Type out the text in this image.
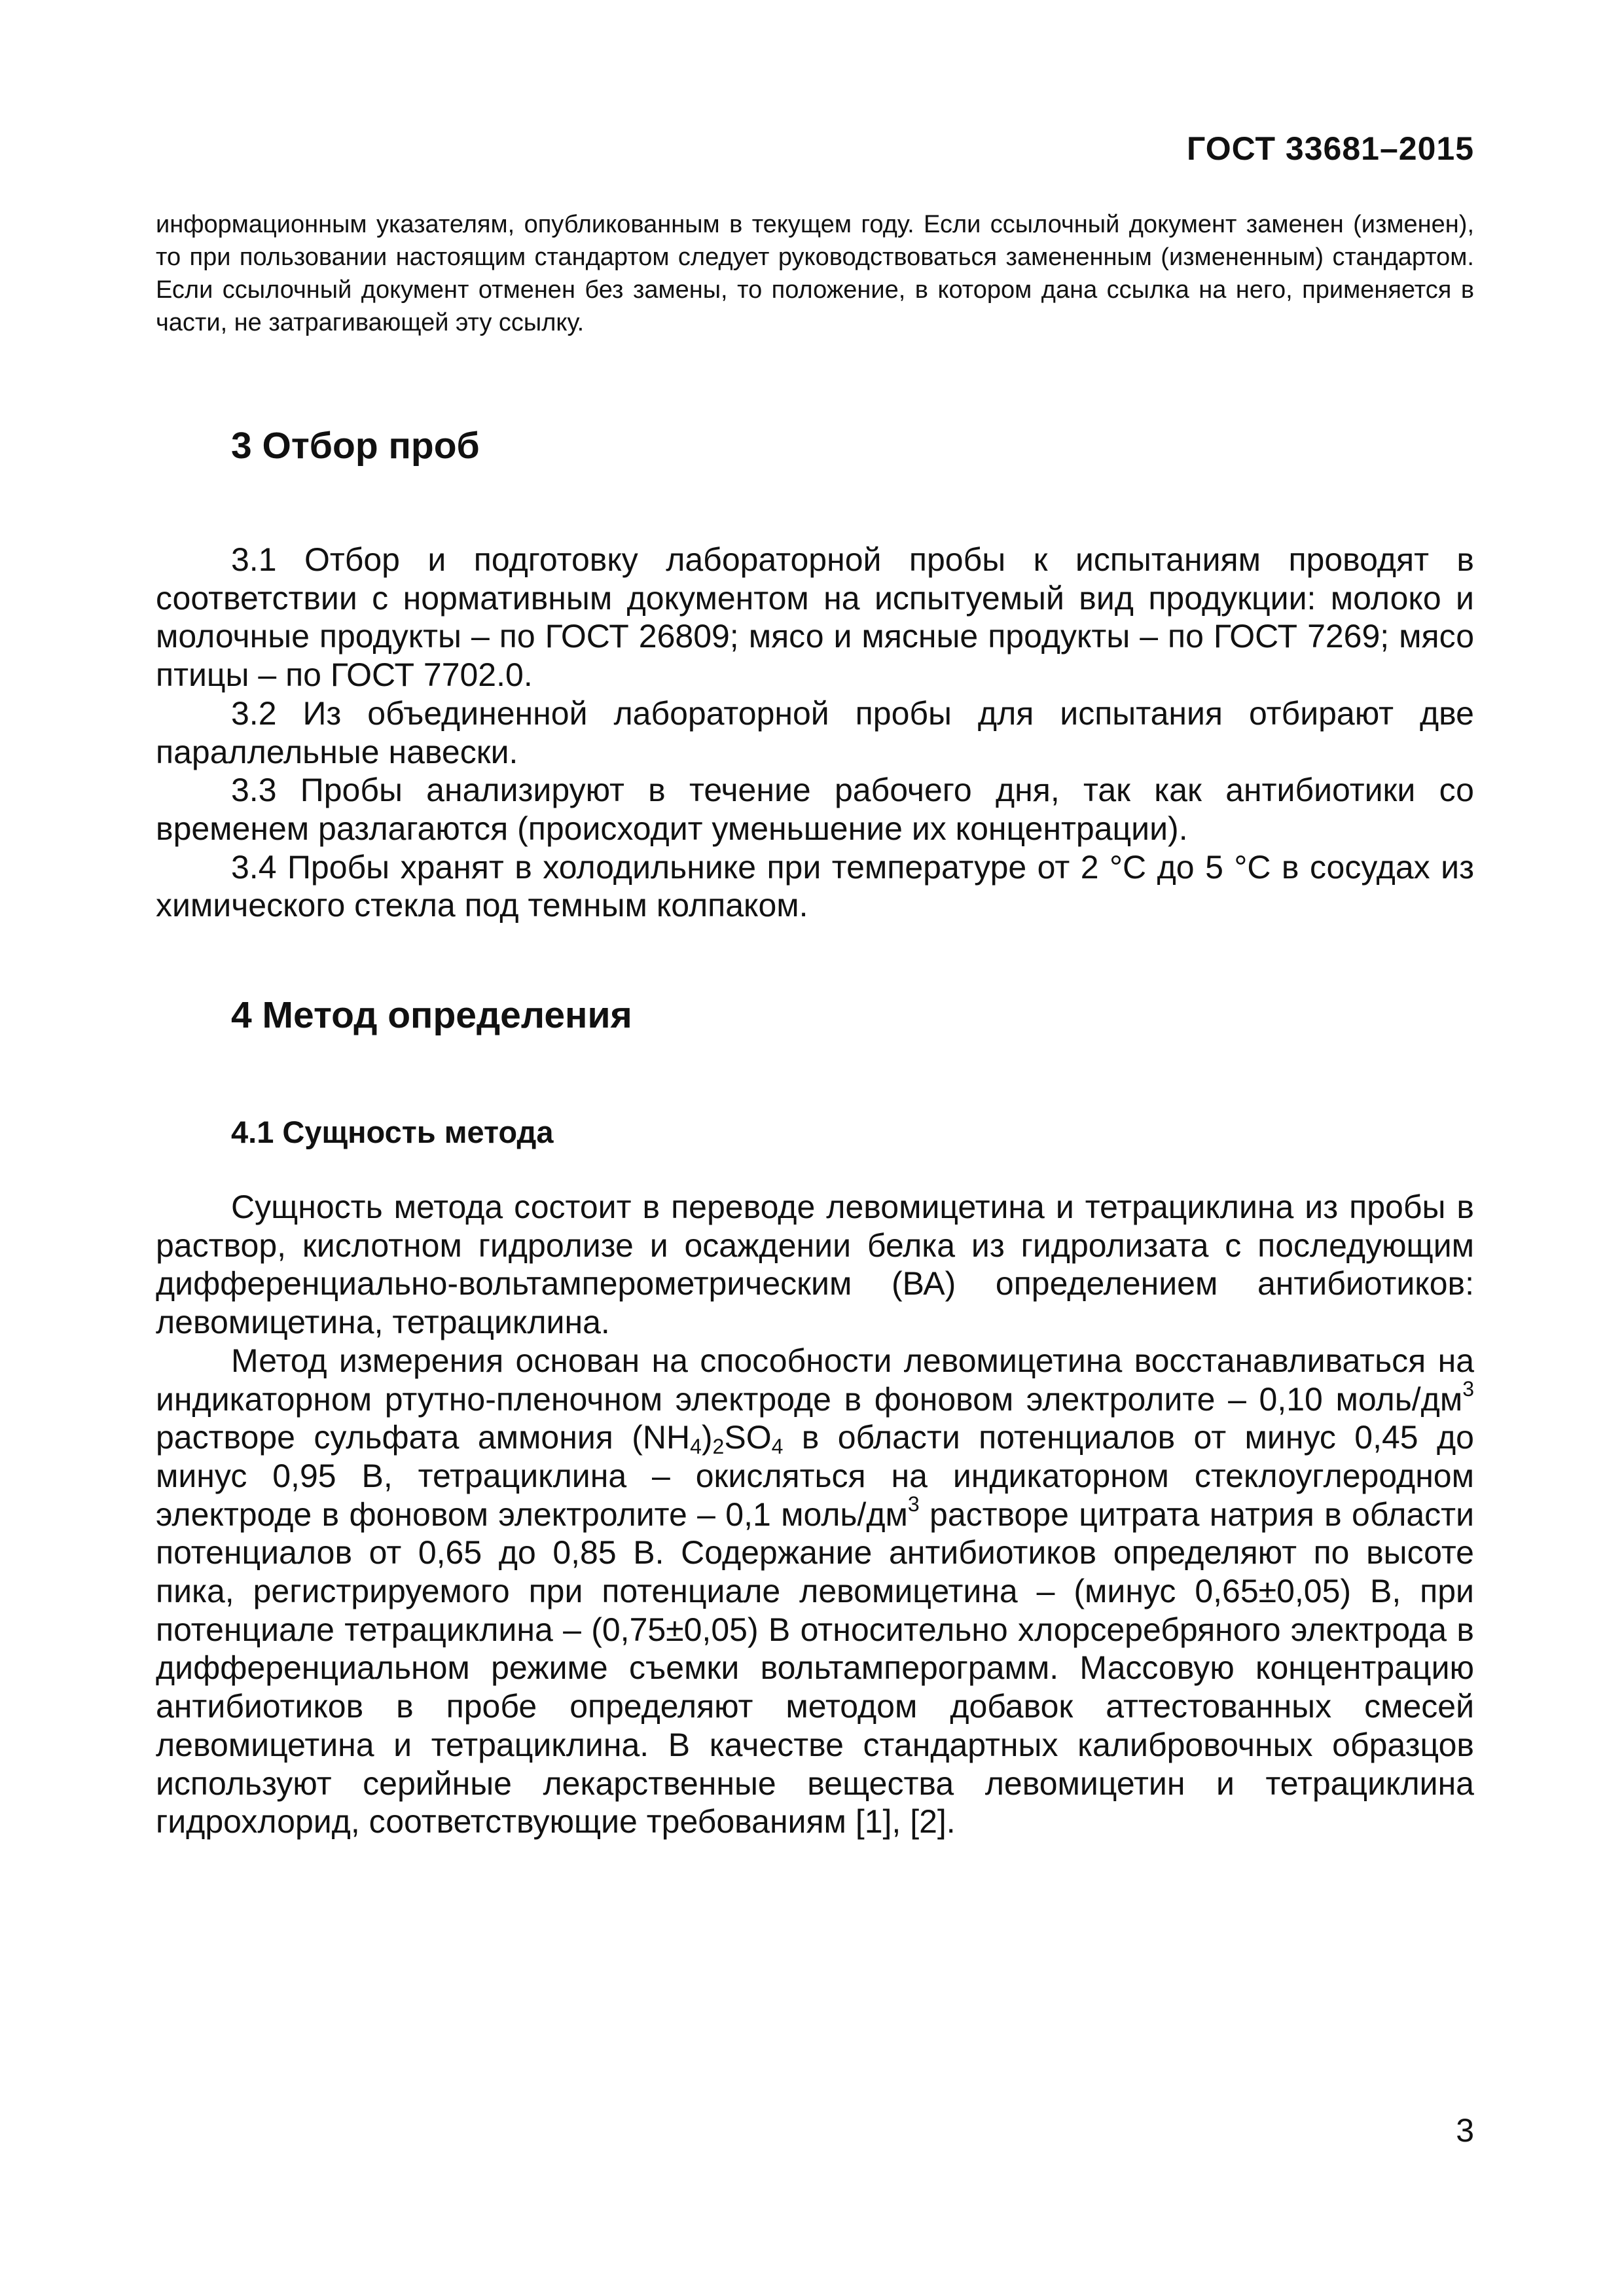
ГОСТ 33681–2015

информационным указателям, опубликованным в текущем году. Если ссылочный документ заменен (изменен), то при пользовании настоящим стандартом следует руководствоваться замененным (измененным) стандартом. Если ссылочный документ отменен без замены, то положение, в котором дана ссылка на него, применяется в части, не затрагивающей эту ссылку.

3 Отбор проб

3.1 Отбор и подготовку лабораторной пробы к испытаниям проводят в соответствии с нормативным документом на испытуемый вид продукции: молоко и молочные продукты – по ГОСТ 26809; мясо и мясные продукты – по ГОСТ 7269; мясо птицы – по ГОСТ 7702.0.

3.2 Из объединенной лабораторной пробы для испытания отбирают две параллельные навески.

3.3 Пробы анализируют в течение рабочего дня, так как антибиотики со временем разлагаются (происходит уменьшение их концентрации).

3.4 Пробы хранят в холодильнике при температуре от 2 °С до 5 °С в сосудах из химического стекла под темным колпаком.

4 Метод определения
4.1 Сущность метода

Сущность метода состоит в переводе левомицетина и тетрациклина из пробы в раствор, кислотном гидролизе и осаждении белка из гидролизата с последующим дифференциально-вольтамперометрическим (ВА) определением антибиотиков: левомицетина, тетрациклина.

Метод измерения основан на способности левомицетина восстанавливаться на индикаторном ртутно-пленочном электроде в фоновом электролите – 0,10 моль/$дм^3$ растворе сульфата аммония $(NH_4)_2SO_4$ в области потенциалов от минус 0,45 до минус 0,95 В, тетрациклина – окисляться на индикаторном стеклоуглеродном электроде в фоновом электролите – 0,1 моль/$дм^3$ растворе цитрата натрия в области потенциалов от 0,65 до 0,85 В. Содержание антибиотиков определяют по высоте пика, регистрируемого при потенциале левомицетина – (минус 0,65±0,05) В, при потенциале тетрациклина – (0,75±0,05) В относительно хлорсеребряного электрода в дифференциальном режиме съемки вольтамперограмм. Массовую концентрацию антибиотиков в пробе определяют методом добавок аттестованных смесей левомицетина и тетрациклина. В качестве стандартных калибровочных образцов используют серийные лекарственные вещества левомицетин и тетрациклина гидрохлорид, соответствующие требованиям [1], [2].

3
